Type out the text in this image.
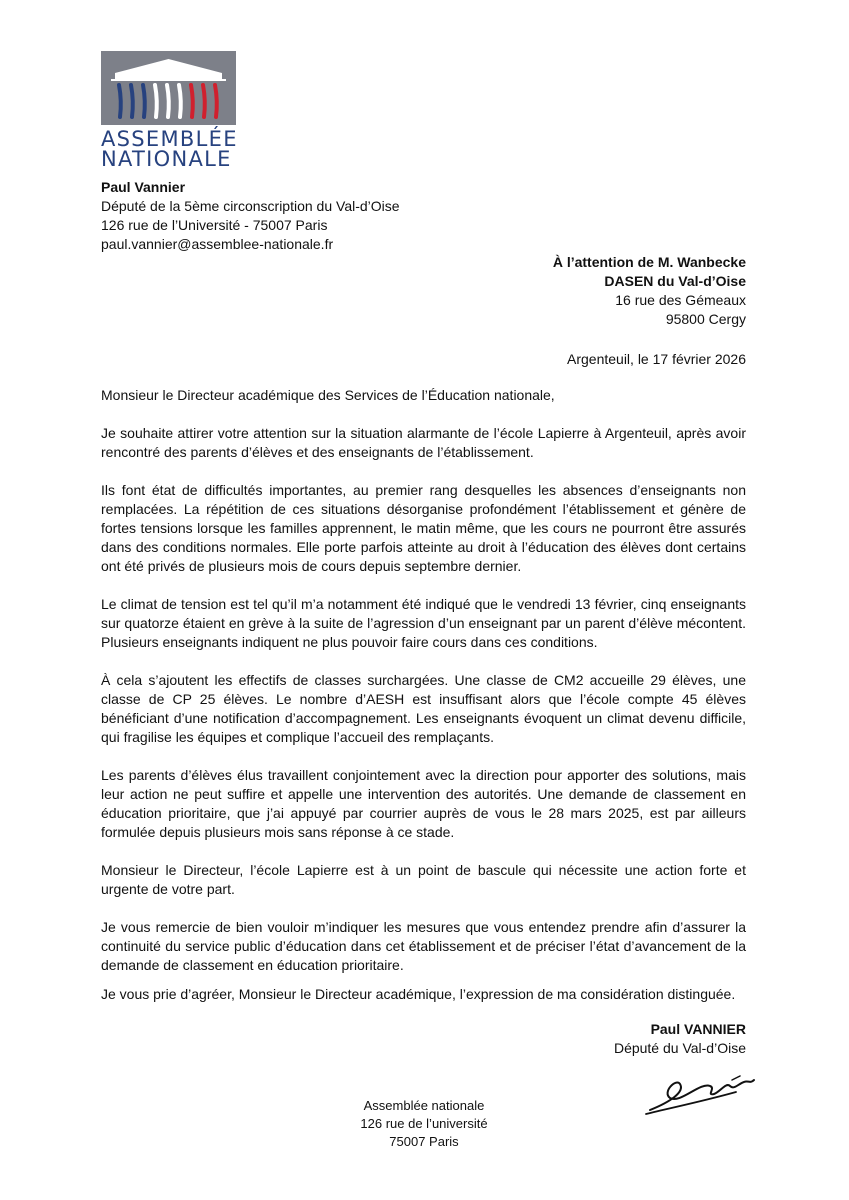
ASSEMBLÉE
NATIONALE
Paul Vannier
Député de la 5ème circonscription du Val-d’Oise
126 rue de l’Université - 75007 Paris
paul.vannier@assemblee-nationale.fr
À l’attention de M. Wanbecke
DASEN du Val-d’Oise
16 rue des Gémeaux
95800 Cergy
Argenteuil, le 17 février 2026
Monsieur le Directeur académique des Services de l’Éducation nationale,

Je souhaite attirer votre attention sur la situation alarmante de l’école Lapierre à Argenteuil, après avoir rencontré des parents d’élèves et des enseignants de l’établissement.

Ils font état de difficultés importantes, au premier rang desquelles les absences d’enseignants non remplacées. La répétition de ces situations désorganise profondément l’établissement et génère de fortes tensions lorsque les familles apprennent, le matin même, que les cours ne pourront être assurés dans des conditions normales. Elle porte parfois atteinte au droit à l’éducation des élèves dont certains ont été privés de plusieurs mois de cours depuis septembre dernier.

Le climat de tension est tel qu’il m’a notamment été indiqué que le vendredi 13 février, cinq enseignants sur quatorze étaient en grève à la suite de l’agression d’un enseignant par un parent d’élève mécontent. Plusieurs enseignants indiquent ne plus pouvoir faire cours dans ces conditions.

À cela s’ajoutent les effectifs de classes surchargées. Une classe de CM2 accueille 29 élèves, une classe de CP 25 élèves. Le nombre d’AESH est insuffisant alors que l’école compte 45 élèves bénéficiant d’une notification d’accompagnement. Les enseignants évoquent un climat devenu difficile, qui fragilise les équipes et complique l’accueil des remplaçants.

Les parents d’élèves élus travaillent conjointement avec la direction pour apporter des solutions, mais leur action ne peut suffire et appelle une intervention des autorités. Une demande de classement en éducation prioritaire, que j’ai appuyé par courrier auprès de vous le 28 mars 2025, est par ailleurs formulée depuis plusieurs mois sans réponse à ce stade.

Monsieur le Directeur, l’école Lapierre est à un point de bascule qui nécessite une action forte et urgente de votre part.

Je vous remercie de bien vouloir m’indiquer les mesures que vous entendez prendre afin d’assurer la continuité du service public d’éducation dans cet établissement et de préciser l’état d’avancement de la demande de classement en éducation prioritaire.

Je vous prie d’agréer, Monsieur le Directeur académique, l’expression de ma considération distinguée.
Paul VANNIER
Député du Val-d’Oise
Assemblée nationale
126 rue de l’université
75007 Paris
